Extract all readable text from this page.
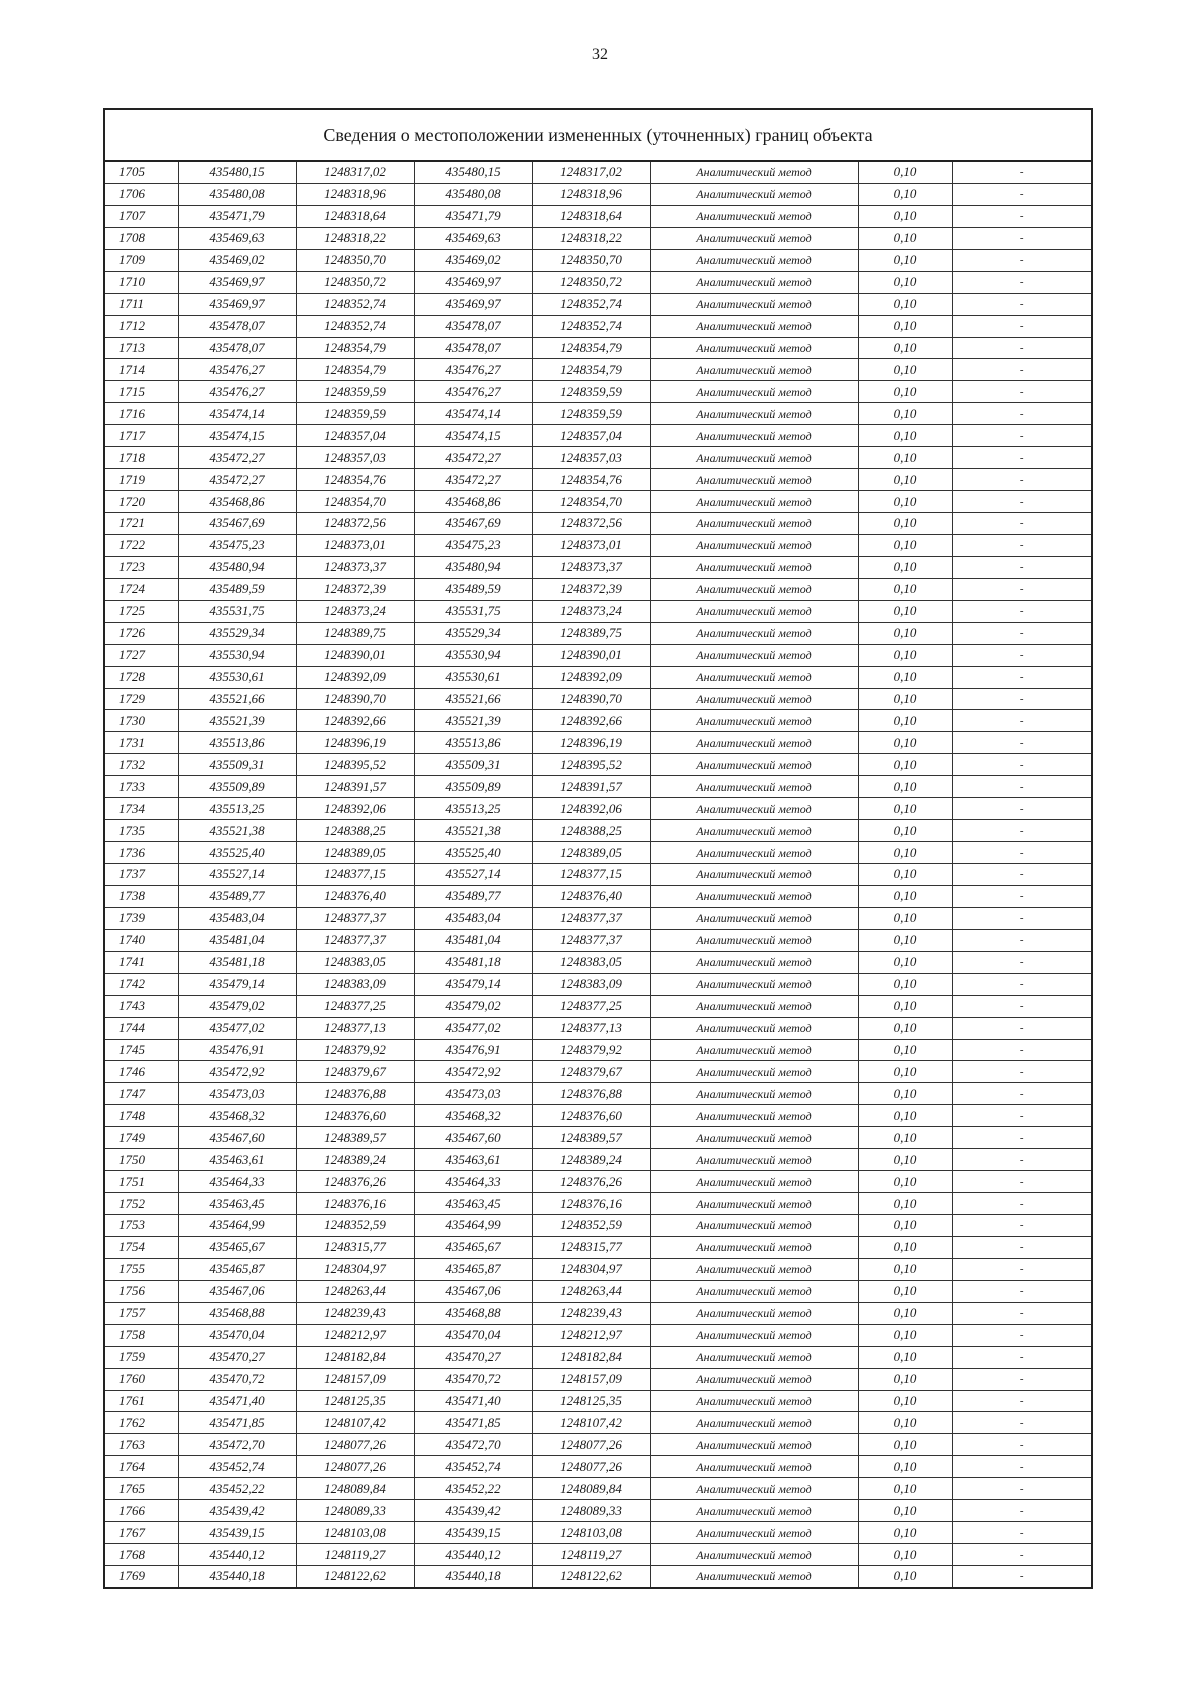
32
Сведения о местоположении измененных (уточненных) границ объекта
1705	435480,15	1248317,02	435480,15	1248317,02	Аналитический метод	0,10	-
1706	435480,08	1248318,96	435480,08	1248318,96	Аналитический метод	0,10	-
1707	435471,79	1248318,64	435471,79	1248318,64	Аналитический метод	0,10	-
1708	435469,63	1248318,22	435469,63	1248318,22	Аналитический метод	0,10	-
1709	435469,02	1248350,70	435469,02	1248350,70	Аналитический метод	0,10	-
1710	435469,97	1248350,72	435469,97	1248350,72	Аналитический метод	0,10	-
1711	435469,97	1248352,74	435469,97	1248352,74	Аналитический метод	0,10	-
1712	435478,07	1248352,74	435478,07	1248352,74	Аналитический метод	0,10	-
1713	435478,07	1248354,79	435478,07	1248354,79	Аналитический метод	0,10	-
1714	435476,27	1248354,79	435476,27	1248354,79	Аналитический метод	0,10	-
1715	435476,27	1248359,59	435476,27	1248359,59	Аналитический метод	0,10	-
1716	435474,14	1248359,59	435474,14	1248359,59	Аналитический метод	0,10	-
1717	435474,15	1248357,04	435474,15	1248357,04	Аналитический метод	0,10	-
1718	435472,27	1248357,03	435472,27	1248357,03	Аналитический метод	0,10	-
1719	435472,27	1248354,76	435472,27	1248354,76	Аналитический метод	0,10	-
1720	435468,86	1248354,70	435468,86	1248354,70	Аналитический метод	0,10	-
1721	435467,69	1248372,56	435467,69	1248372,56	Аналитический метод	0,10	-
1722	435475,23	1248373,01	435475,23	1248373,01	Аналитический метод	0,10	-
1723	435480,94	1248373,37	435480,94	1248373,37	Аналитический метод	0,10	-
1724	435489,59	1248372,39	435489,59	1248372,39	Аналитический метод	0,10	-
1725	435531,75	1248373,24	435531,75	1248373,24	Аналитический метод	0,10	-
1726	435529,34	1248389,75	435529,34	1248389,75	Аналитический метод	0,10	-
1727	435530,94	1248390,01	435530,94	1248390,01	Аналитический метод	0,10	-
1728	435530,61	1248392,09	435530,61	1248392,09	Аналитический метод	0,10	-
1729	435521,66	1248390,70	435521,66	1248390,70	Аналитический метод	0,10	-
1730	435521,39	1248392,66	435521,39	1248392,66	Аналитический метод	0,10	-
1731	435513,86	1248396,19	435513,86	1248396,19	Аналитический метод	0,10	-
1732	435509,31	1248395,52	435509,31	1248395,52	Аналитический метод	0,10	-
1733	435509,89	1248391,57	435509,89	1248391,57	Аналитический метод	0,10	-
1734	435513,25	1248392,06	435513,25	1248392,06	Аналитический метод	0,10	-
1735	435521,38	1248388,25	435521,38	1248388,25	Аналитический метод	0,10	-
1736	435525,40	1248389,05	435525,40	1248389,05	Аналитический метод	0,10	-
1737	435527,14	1248377,15	435527,14	1248377,15	Аналитический метод	0,10	-
1738	435489,77	1248376,40	435489,77	1248376,40	Аналитический метод	0,10	-
1739	435483,04	1248377,37	435483,04	1248377,37	Аналитический метод	0,10	-
1740	435481,04	1248377,37	435481,04	1248377,37	Аналитический метод	0,10	-
1741	435481,18	1248383,05	435481,18	1248383,05	Аналитический метод	0,10	-
1742	435479,14	1248383,09	435479,14	1248383,09	Аналитический метод	0,10	-
1743	435479,02	1248377,25	435479,02	1248377,25	Аналитический метод	0,10	-
1744	435477,02	1248377,13	435477,02	1248377,13	Аналитический метод	0,10	-
1745	435476,91	1248379,92	435476,91	1248379,92	Аналитический метод	0,10	-
1746	435472,92	1248379,67	435472,92	1248379,67	Аналитический метод	0,10	-
1747	435473,03	1248376,88	435473,03	1248376,88	Аналитический метод	0,10	-
1748	435468,32	1248376,60	435468,32	1248376,60	Аналитический метод	0,10	-
1749	435467,60	1248389,57	435467,60	1248389,57	Аналитический метод	0,10	-
1750	435463,61	1248389,24	435463,61	1248389,24	Аналитический метод	0,10	-
1751	435464,33	1248376,26	435464,33	1248376,26	Аналитический метод	0,10	-
1752	435463,45	1248376,16	435463,45	1248376,16	Аналитический метод	0,10	-
1753	435464,99	1248352,59	435464,99	1248352,59	Аналитический метод	0,10	-
1754	435465,67	1248315,77	435465,67	1248315,77	Аналитический метод	0,10	-
1755	435465,87	1248304,97	435465,87	1248304,97	Аналитический метод	0,10	-
1756	435467,06	1248263,44	435467,06	1248263,44	Аналитический метод	0,10	-
1757	435468,88	1248239,43	435468,88	1248239,43	Аналитический метод	0,10	-
1758	435470,04	1248212,97	435470,04	1248212,97	Аналитический метод	0,10	-
1759	435470,27	1248182,84	435470,27	1248182,84	Аналитический метод	0,10	-
1760	435470,72	1248157,09	435470,72	1248157,09	Аналитический метод	0,10	-
1761	435471,40	1248125,35	435471,40	1248125,35	Аналитический метод	0,10	-
1762	435471,85	1248107,42	435471,85	1248107,42	Аналитический метод	0,10	-
1763	435472,70	1248077,26	435472,70	1248077,26	Аналитический метод	0,10	-
1764	435452,74	1248077,26	435452,74	1248077,26	Аналитический метод	0,10	-
1765	435452,22	1248089,84	435452,22	1248089,84	Аналитический метод	0,10	-
1766	435439,42	1248089,33	435439,42	1248089,33	Аналитический метод	0,10	-
1767	435439,15	1248103,08	435439,15	1248103,08	Аналитический метод	0,10	-
1768	435440,12	1248119,27	435440,12	1248119,27	Аналитический метод	0,10	-
1769	435440,18	1248122,62	435440,18	1248122,62	Аналитический метод	0,10	-
